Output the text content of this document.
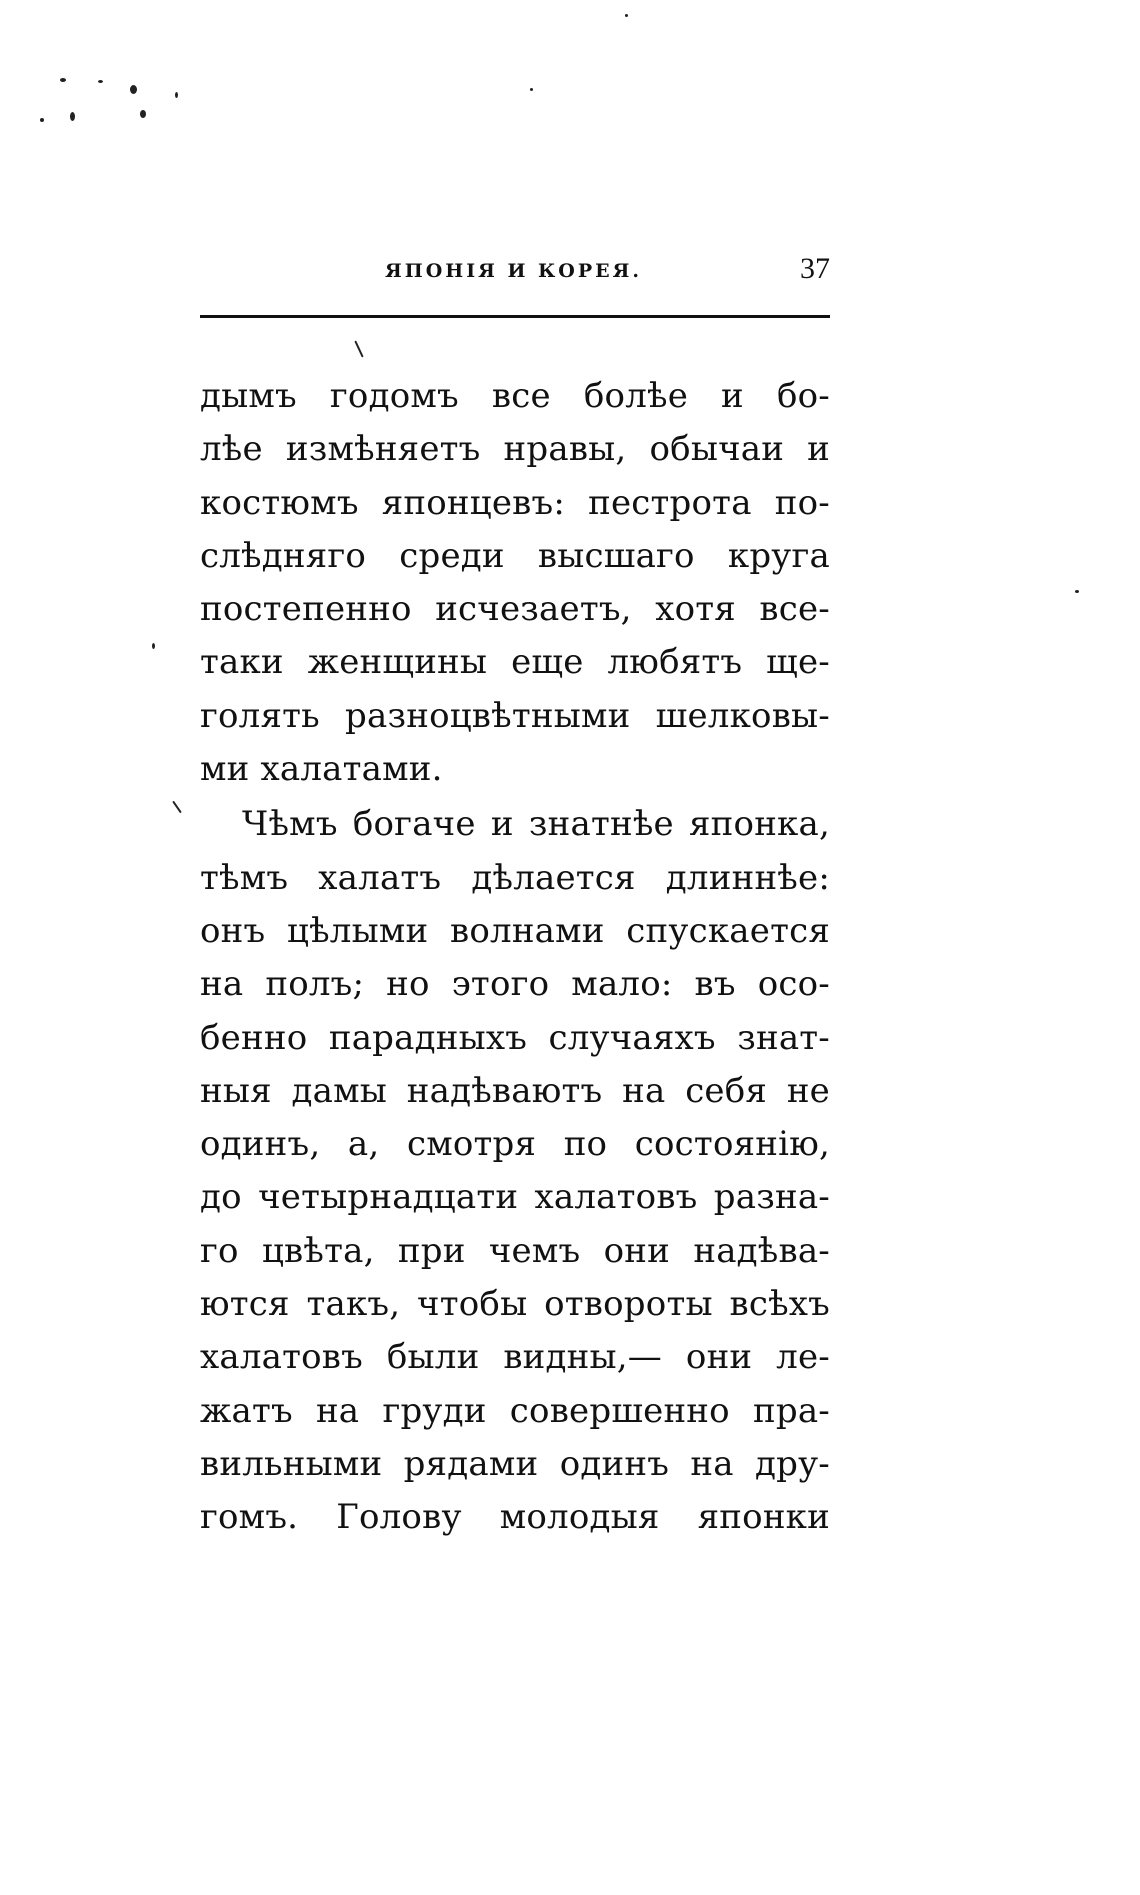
ЯПОНІЯ И КОРЕЯ.	37
дымъ годомъ все болѣе и бо-
лѣе измѣняетъ нравы, обычаи и
костюмъ японцевъ: пестрота по-
слѣдняго среди высшаго круга
постепенно исчезаетъ, хотя все-
таки женщины еще любятъ ще-
голять разноцвѣтными шелковы-
ми халатами.
Чѣмъ богаче и знатнѣе японка,
тѣмъ халатъ дѣлается длиннѣе:
онъ цѣлыми волнами спускается
на полъ; но этого мало: въ осо-
бенно парадныхъ случаяхъ знат-
ныя дамы надѣваютъ на себя не
одинъ, а, смотря по состоянію,
до четырнадцати халатовъ разна-
го цвѣта, при чемъ они надѣва-
ются такъ, чтобы отвороты всѣхъ
халатовъ были видны,— они ле-
жатъ на груди совершенно пра-
вильными рядами одинъ на дру-
гомъ. Голову молодыя японки
